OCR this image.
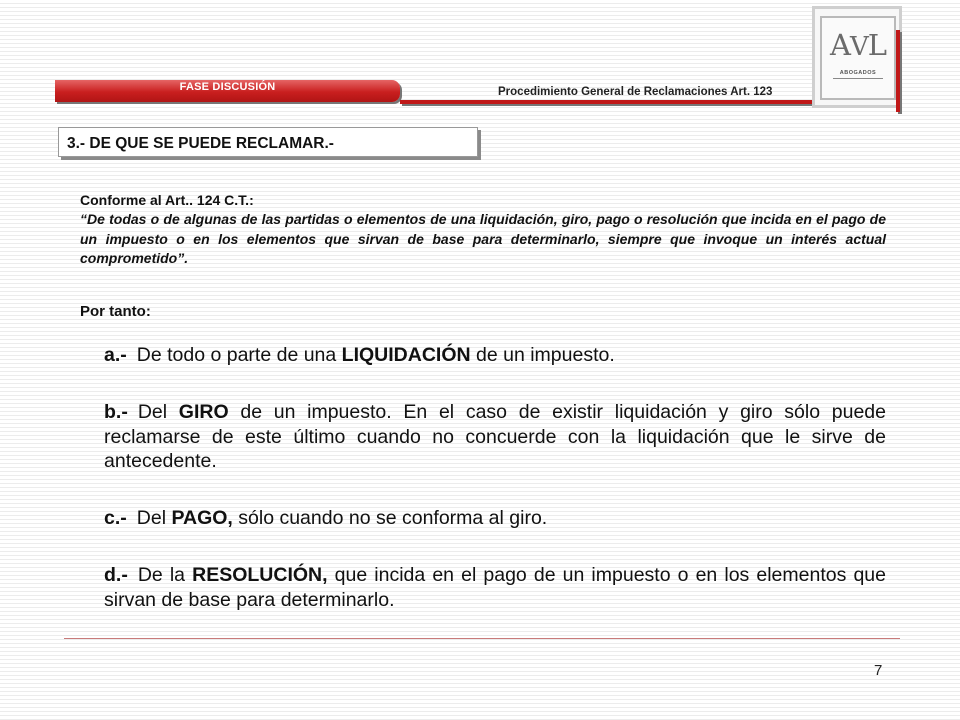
FASE DISCUSIÓN	Procedimiento General de Reclamaciones Art. 123
AVL
ABOGADOS
3.- DE QUE SE PUEDE RECLAMAR.-
Conforme al Art.. 124 C.T.:
“De todas o de algunas de las partidas o elementos de una liquidación, giro, pago o resolución que incida en el pago de un impuesto o en los elementos que sirvan de base para determinarlo, siempre que invoque un interés actual comprometido”.
Por tanto:
a.- De todo o parte de una LIQUIDACIÓN de un impuesto.
b.- Del GIRO de un impuesto. En el caso de existir liquidación y giro sólo puede reclamarse de este último cuando no concuerde con la liquidación que le sirve de antecedente.
c.- Del PAGO, sólo cuando no se conforma al giro.
d.- De la RESOLUCIÓN, que incida en el pago de un impuesto o en los elementos que sirvan de base para determinarlo.
7
